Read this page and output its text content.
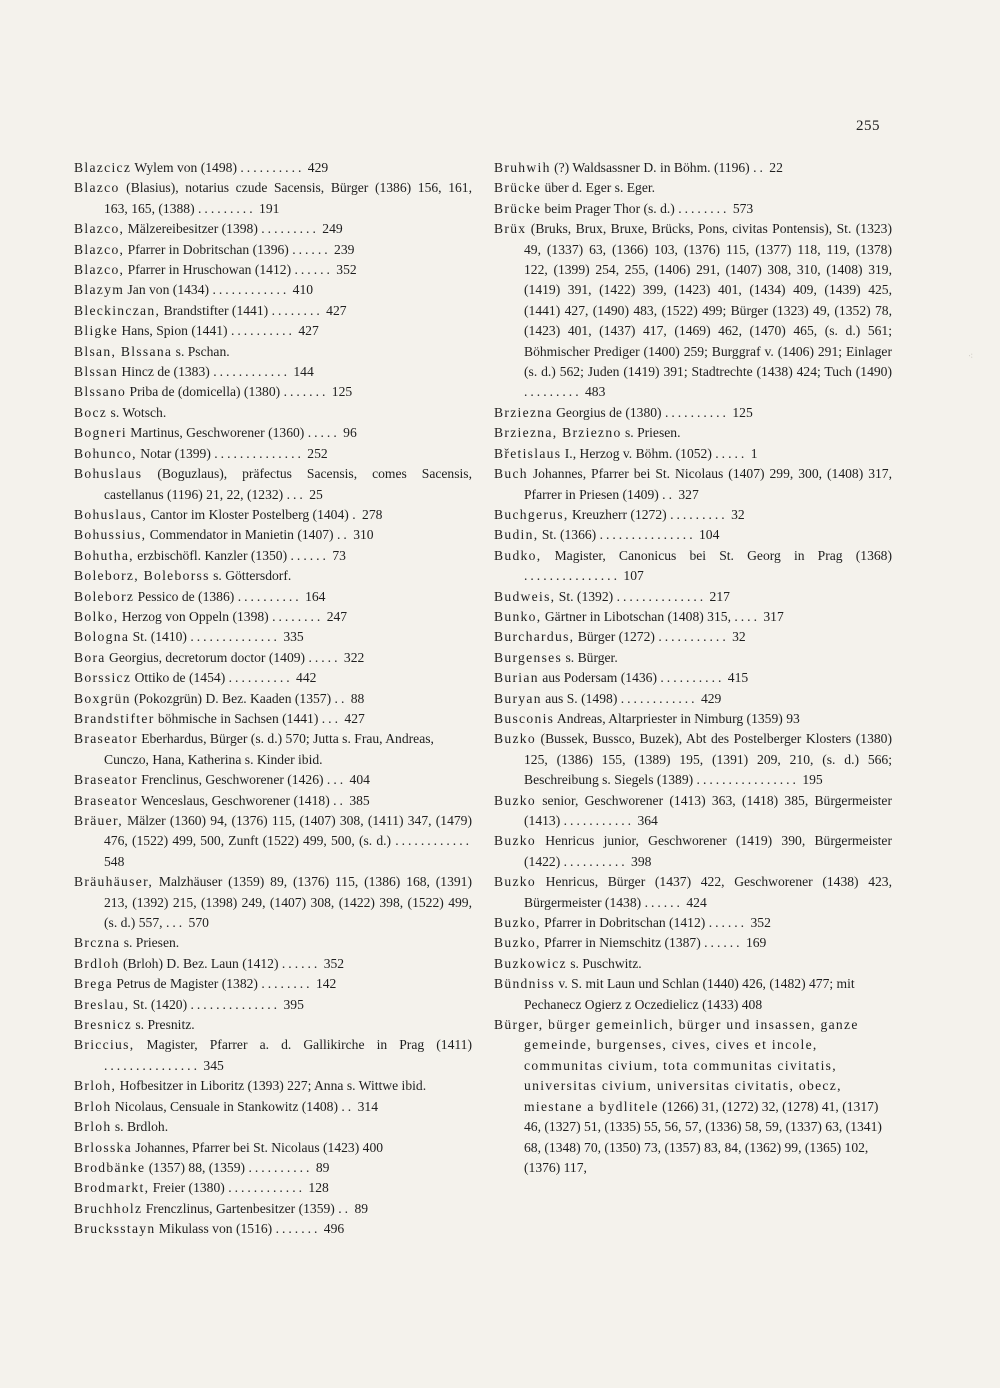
255

Blazcicz Wylem von (1498) .......... 429

Blazco (Blasius), notarius czude Sacensis, Bürger (1386) 156, 161, 163, 165, (1388) ......... 191

Blazco, Mälzereibesitzer (1398) ......... 249

Blazco, Pfarrer in Dobritschan (1396) ...... 239

Blazco, Pfarrer in Hruschowan (1412) ...... 352

Blazym Jan von (1434) ............ 410

Bleckinczan, Brandstifter (1441) ........ 427

Bligke Hans, Spion (1441) .......... 427

Blsan, Blssana s. Pschan.

Blssan Hincz de (1383) ............ 144

Blssano Priba de (domicella) (1380) ....... 125

Bocz s. Wotsch.

Bogneri Martinus, Geschworener (1360) ..... 96

Bohunco, Notar (1399) .............. 252

Bohuslaus (Boguzlaus), präfectus Sacensis, comes Sacensis, castellanus (1196) 21, 22, (1232) ... 25

Bohuslaus, Cantor im Kloster Postelberg (1404) . 278

Bohussius, Commendator in Manietin (1407) .. 310

Bohutha, erzbischöfl. Kanzler (1350) ...... 73

Boleborz, Boleborss s. Göttersdorf.

Boleborz Pessico de (1386) .......... 164

Bolko, Herzog von Oppeln (1398) ........ 247

Bologna St. (1410) .............. 335

Bora Georgius, decretorum doctor (1409) ..... 322

Borssicz Ottiko de (1454) .......... 442

Boxgrün (Pokozgrün) D. Bez. Kaaden (1357) .. 88

Brandstifter böhmische in Sachsen (1441) ... 427

Braseator Eberhardus, Bürger (s. d.) 570; Jutta s. Frau, Andreas, Cunczo, Hana, Katherina s. Kinder ibid.

Braseator Frenclinus, Geschworener (1426) ... 404

Braseator Wenceslaus, Geschworener (1418) .. 385

Bräuer, Mälzer (1360) 94, (1376) 115, (1407) 308, (1411) 347, (1479) 476, (1522) 499, 500, Zunft (1522) 499, 500, (s. d.) ............ 548

Bräuhäuser, Malzhäuser (1359) 89, (1376) 115, (1386) 168, (1391) 213, (1392) 215, (1398) 249, (1407) 308, (1422) 398, (1522) 499, (s. d.) 557, ... 570

Brczna s. Priesen.

Brdloh (Brloh) D. Bez. Laun (1412) ...... 352

Brega Petrus de Magister (1382) ........ 142

Breslau, St. (1420) .............. 395

Bresnicz s. Presnitz.

Briccius, Magister, Pfarrer a. d. Gallikirche in Prag (1411) ............... 345

Brloh, Hofbesitzer in Liboritz (1393) 227; Anna s. Wittwe ibid.

Brloh Nicolaus, Censuale in Stankowitz (1408) .. 314

Brloh s. Brdloh.

Brlosska Johannes, Pfarrer bei St. Nicolaus (1423) 400

Brodbänke (1357) 88, (1359) .......... 89

Brodmarkt, Freier (1380) ............ 128

Bruchholz Frenczlinus, Gartenbesitzer (1359) .. 89

Brucksstayn Mikulass von (1516) ....... 496

Bruhwih (?) Waldsassner D. in Böhm. (1196) .. 22

Brücke über d. Eger s. Eger.

Brücke beim Prager Thor (s. d.) ........ 573

Brüx (Bruks, Brux, Bruxe, Brücks, Pons, civitas Pontensis), St. (1323) 49, (1337) 63, (1366) 103, (1376) 115, (1377) 118, 119, (1378) 122, (1399) 254, 255, (1406) 291, (1407) 308, 310, (1408) 319, (1419) 391, (1422) 399, (1423) 401, (1434) 409, (1439) 425, (1441) 427, (1490) 483, (1522) 499; Bürger (1323) 49, (1352) 78, (1423) 401, (1437) 417, (1469) 462, (1470) 465, (s. d.) 561; Böhmischer Prediger (1400) 259; Burggraf v. (1406) 291; Einlager (s. d.) 562; Juden (1419) 391; Stadtrechte (1438) 424; Tuch (1490) ......... 483

Brziezna Georgius de (1380) .......... 125

Brziezna, Brziezno s. Priesen.

Břetislaus I., Herzog v. Böhm. (1052) ..... 1

Buch Johannes, Pfarrer bei St. Nicolaus (1407) 299, 300, (1408) 317, Pfarrer in Priesen (1409) .. 327

Buchgerus, Kreuzherr (1272) ......... 32

Budin, St. (1366) ............... 104

Budko, Magister, Canonicus bei St. Georg in Prag (1368) ............... 107

Budweis, St. (1392) .............. 217

Bunko, Gärtner in Libotschan (1408) 315, .... 317

Burchardus, Bürger (1272) ........... 32

Burgenses s. Bürger.

Burian aus Podersam (1436) .......... 415

Buryan aus S. (1498) ............ 429

Busconis Andreas, Altarpriester in Nimburg (1359) 93

Buzko (Bussek, Bussco, Buzek), Abt des Postelberger Klosters (1380) 125, (1386) 155, (1389) 195, (1391) 209, 210, (s. d.) 566; Beschreibung s. Siegels (1389) ................ 195

Buzko senior, Geschworener (1413) 363, (1418) 385, Bürgermeister (1413) ........... 364

Buzko Henricus junior, Geschworener (1419) 390, Bürgermeister (1422) .......... 398

Buzko Henricus, Bürger (1437) 422, Geschworener (1438) 423, Bürgermeister (1438) ...... 424

Buzko, Pfarrer in Dobritschan (1412) ...... 352

Buzko, Pfarrer in Niemschitz (1387) ...... 169

Buzkowicz s. Puschwitz.

Bündniss v. S. mit Laun und Schlan (1440) 426, (1482) 477; mit Pechanecz Ogierz z Oczedielicz (1433) 408

Bürger, bürger gemeinlich, bürger und insassen, ganze gemeinde, burgenses, cives, cives et incole, communitas civium, tota communitas civitatis, universitas civium, universitas civitatis, obecz, miestane a bydlitele (1266) 31, (1272) 32, (1278) 41, (1317) 46, (1327) 51, (1335) 55, 56, 57, (1336) 58, 59, (1337) 63, (1341) 68, (1348) 70, (1350) 73, (1357) 83, 84, (1362) 99, (1365) 102, (1376) 117,

⁖
